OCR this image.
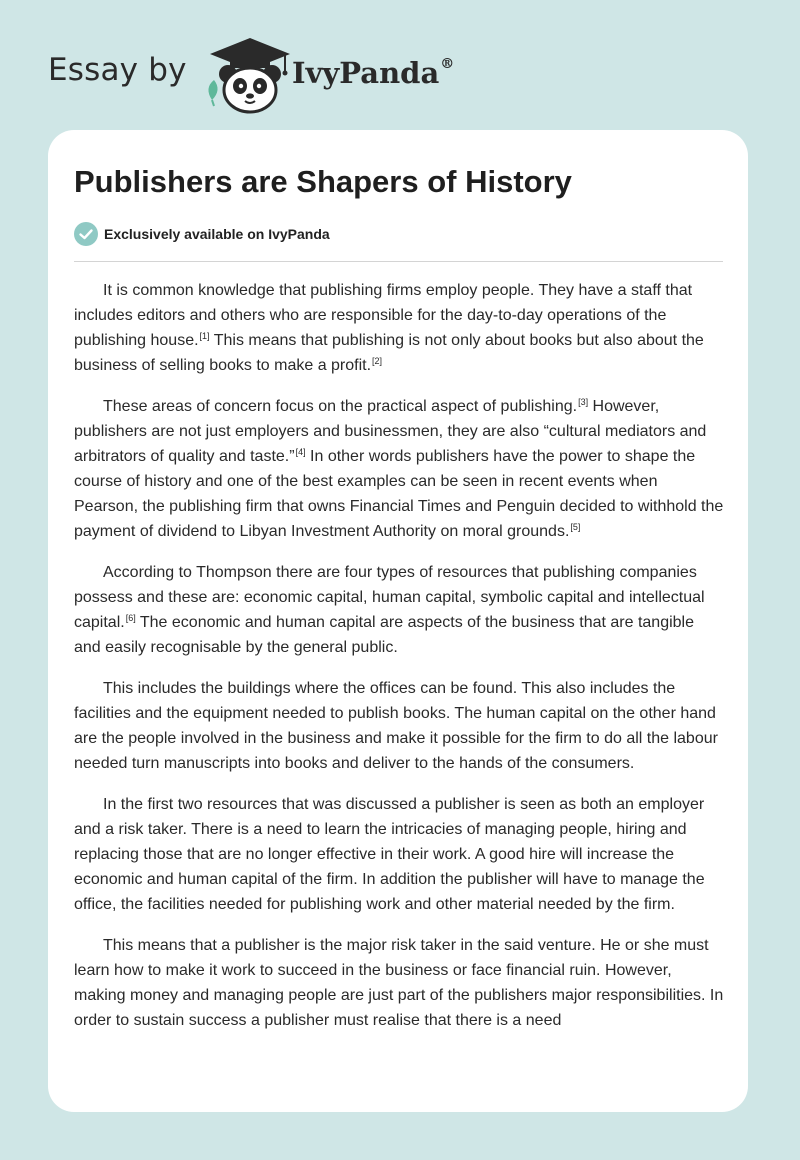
Essay by	IvyPanda®
Publishers are Shapers of History
Exclusively available on IvyPanda

It is common knowledge that publishing firms employ people. They have a staff that includes editors and others who are responsible for the day-to-day operations of the publishing house.[1] This means that publishing is not only about books but also about the business of selling books to make a profit.[2]

These areas of concern focus on the practical aspect of publishing.[3] However, publishers are not just employers and businessmen, they are also “cultural mediators and arbitrators of quality and taste.”[4] In other words publishers have the power to shape the course of history and one of the best examples can be seen in recent events when Pearson, the publishing firm that owns Financial Times and Penguin decided to withhold the payment of dividend to Libyan Investment Authority on moral grounds.[5]

According to Thompson there are four types of resources that publishing companies possess and these are: economic capital, human capital, symbolic capital and intellectual capital.[6] The economic and human capital are aspects of the business that are tangible and easily recognisable by the general public.

This includes the buildings where the offices can be found. This also includes the facilities and the equipment needed to publish books. The human capital on the other hand are the people involved in the business and make it possible for the firm to do all the labour needed turn manuscripts into books and deliver to the hands of the consumers.

In the first two resources that was discussed a publisher is seen as both an employer and a risk taker. There is a need to learn the intricacies of managing people, hiring and replacing those that are no longer effective in their work. A good hire will increase the economic and human capital of the firm. In addition the publisher will have to manage the office, the facilities needed for publishing work and other material needed by the firm.

This means that a publisher is the major risk taker in the said venture. He or she must learn how to make it work to succeed in the business or face financial ruin. However, making money and managing people are just part of the publishers major responsibilities. In order to sustain success a publisher must realise that there is a need
